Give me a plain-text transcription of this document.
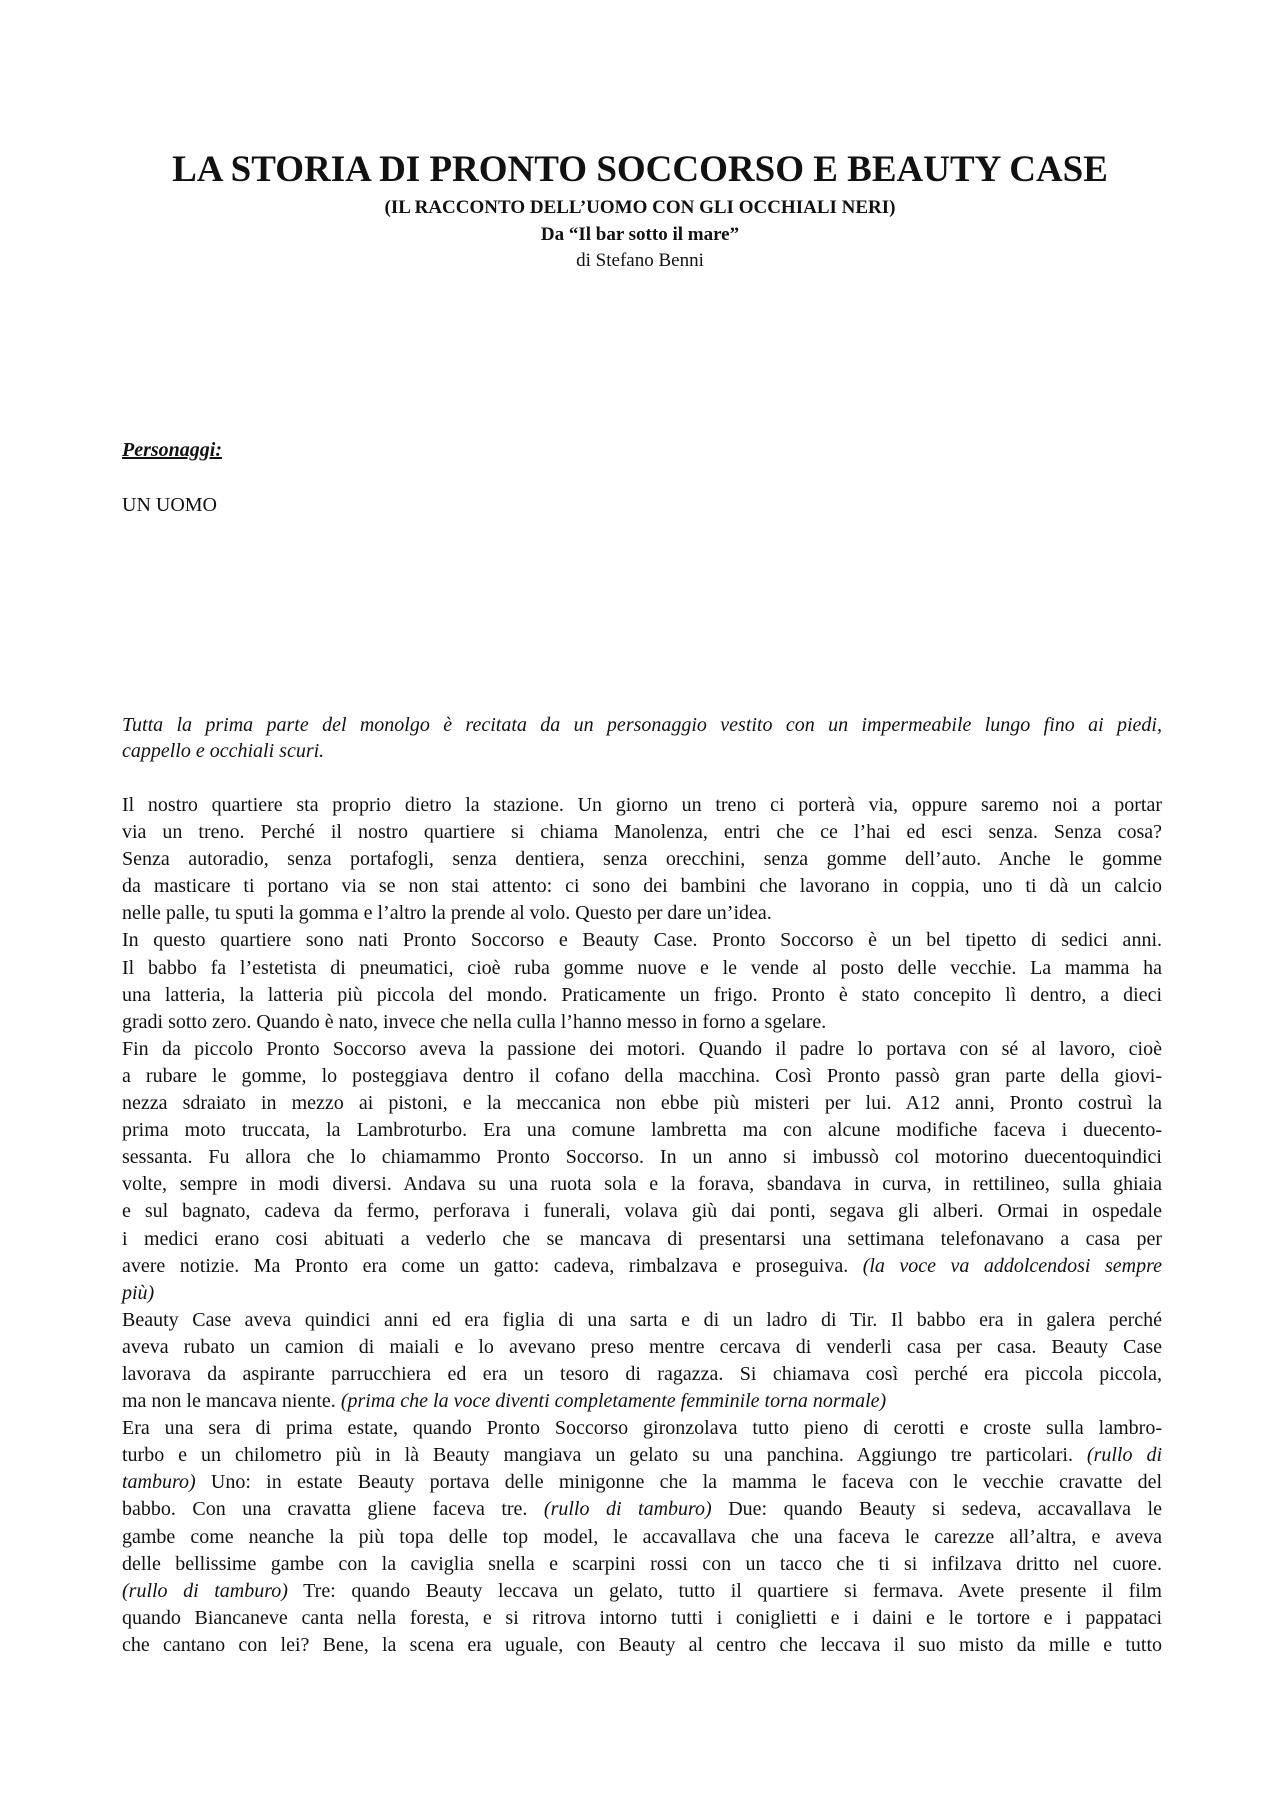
LA STORIA DI PRONTO SOCCORSO E BEAUTY CASE
(IL RACCONTO DELL’UOMO CON GLI OCCHIALI NERI)
Da “Il bar sotto il mare”
di Stefano Benni
Personaggi:
UN UOMO
Tutta la prima parte del monolgo è recitata da un personaggio vestito con un impermeabile lungo fino ai piedi,
cappello e occhiali scuri.
Il nostro quartiere sta proprio dietro la stazione. Un giorno un treno ci porterà via, oppure saremo noi a portar
via un treno. Perché il nostro quartiere si chiama Manolenza, entri che ce l’hai ed esci senza. Senza cosa?
Senza autoradio, senza portafogli, senza dentiera, senza orecchini, senza gomme dell’auto. Anche le gomme
da masticare ti portano via se non stai attento: ci sono dei bambini che lavorano in coppia, uno ti dà un calcio
nelle palle, tu sputi la gomma e l’altro la prende al volo. Questo per dare un’idea.
In questo quartiere sono nati Pronto Soccorso e Beauty Case. Pronto Soccorso è un bel tipetto di sedici anni.
Il babbo fa l’estetista di pneumatici, cioè ruba gomme nuove e le vende al posto delle vecchie. La mamma ha
una latteria, la latteria più piccola del mondo. Praticamente un frigo. Pronto è stato concepito lì dentro, a dieci
gradi sotto zero. Quando è nato, invece che nella culla l’hanno messo in forno a sgelare.
Fin da piccolo Pronto Soccorso aveva la passione dei motori. Quando il padre lo portava con sé al lavoro, cioè
a rubare le gomme, lo posteggiava dentro il cofano della macchina. Così Pronto passò gran parte della giovi-
nezza sdraiato in mezzo ai pistoni, e la meccanica non ebbe più misteri per lui. A12 anni, Pronto costruì la
prima moto truccata, la Lambroturbo. Era una comune lambretta ma con alcune modifiche faceva i duecento-
sessanta. Fu allora che lo chiamammo Pronto Soccorso. In un anno si imbussò col motorino duecentoquindici
volte, sempre in modi diversi. Andava su una ruota sola e la forava, sbandava in curva, in rettilineo, sulla ghiaia
e sul bagnato, cadeva da fermo, perforava i funerali, volava giù dai ponti, segava gli alberi. Ormai in ospedale
i medici erano cosi abituati a vederlo che se mancava di presentarsi una settimana telefonavano a casa per
avere notizie. Ma Pronto era come un gatto: cadeva, rimbalzava e proseguiva. (la voce va addolcendosi sempre
più)
Beauty Case aveva quindici anni ed era figlia di una sarta e di un ladro di Tir. Il babbo era in galera perché
aveva rubato un camion di maiali e lo avevano preso mentre cercava di venderli casa per casa. Beauty Case
lavorava da aspirante parrucchiera ed era un tesoro di ragazza. Si chiamava così perché era piccola piccola,
ma non le mancava niente. (prima che la voce diventi completamente femminile torna normale)
Era una sera di prima estate, quando Pronto Soccorso gironzolava tutto pieno di cerotti e croste sulla lambro-
turbo e un chilometro più in là Beauty mangiava un gelato su una panchina. Aggiungo tre particolari. (rullo di
tamburo) Uno: in estate Beauty portava delle minigonne che la mamma le faceva con le vecchie cravatte del
babbo. Con una cravatta gliene faceva tre. (rullo di tamburo) Due: quando Beauty si sedeva, accavallava le
gambe come neanche la più topa delle top model, le accavallava che una faceva le carezze all’altra, e aveva
delle bellissime gambe con la caviglia snella e scarpini rossi con un tacco che ti si infilzava dritto nel cuore.
(rullo di tamburo) Tre: quando Beauty leccava un gelato, tutto il quartiere si fermava. Avete presente il film
quando Biancaneve canta nella foresta, e si ritrova intorno tutti i coniglietti e i daini e le tortore e i pappataci
che cantano con lei? Bene, la scena era uguale, con Beauty al centro che leccava il suo misto da mille e tutto
